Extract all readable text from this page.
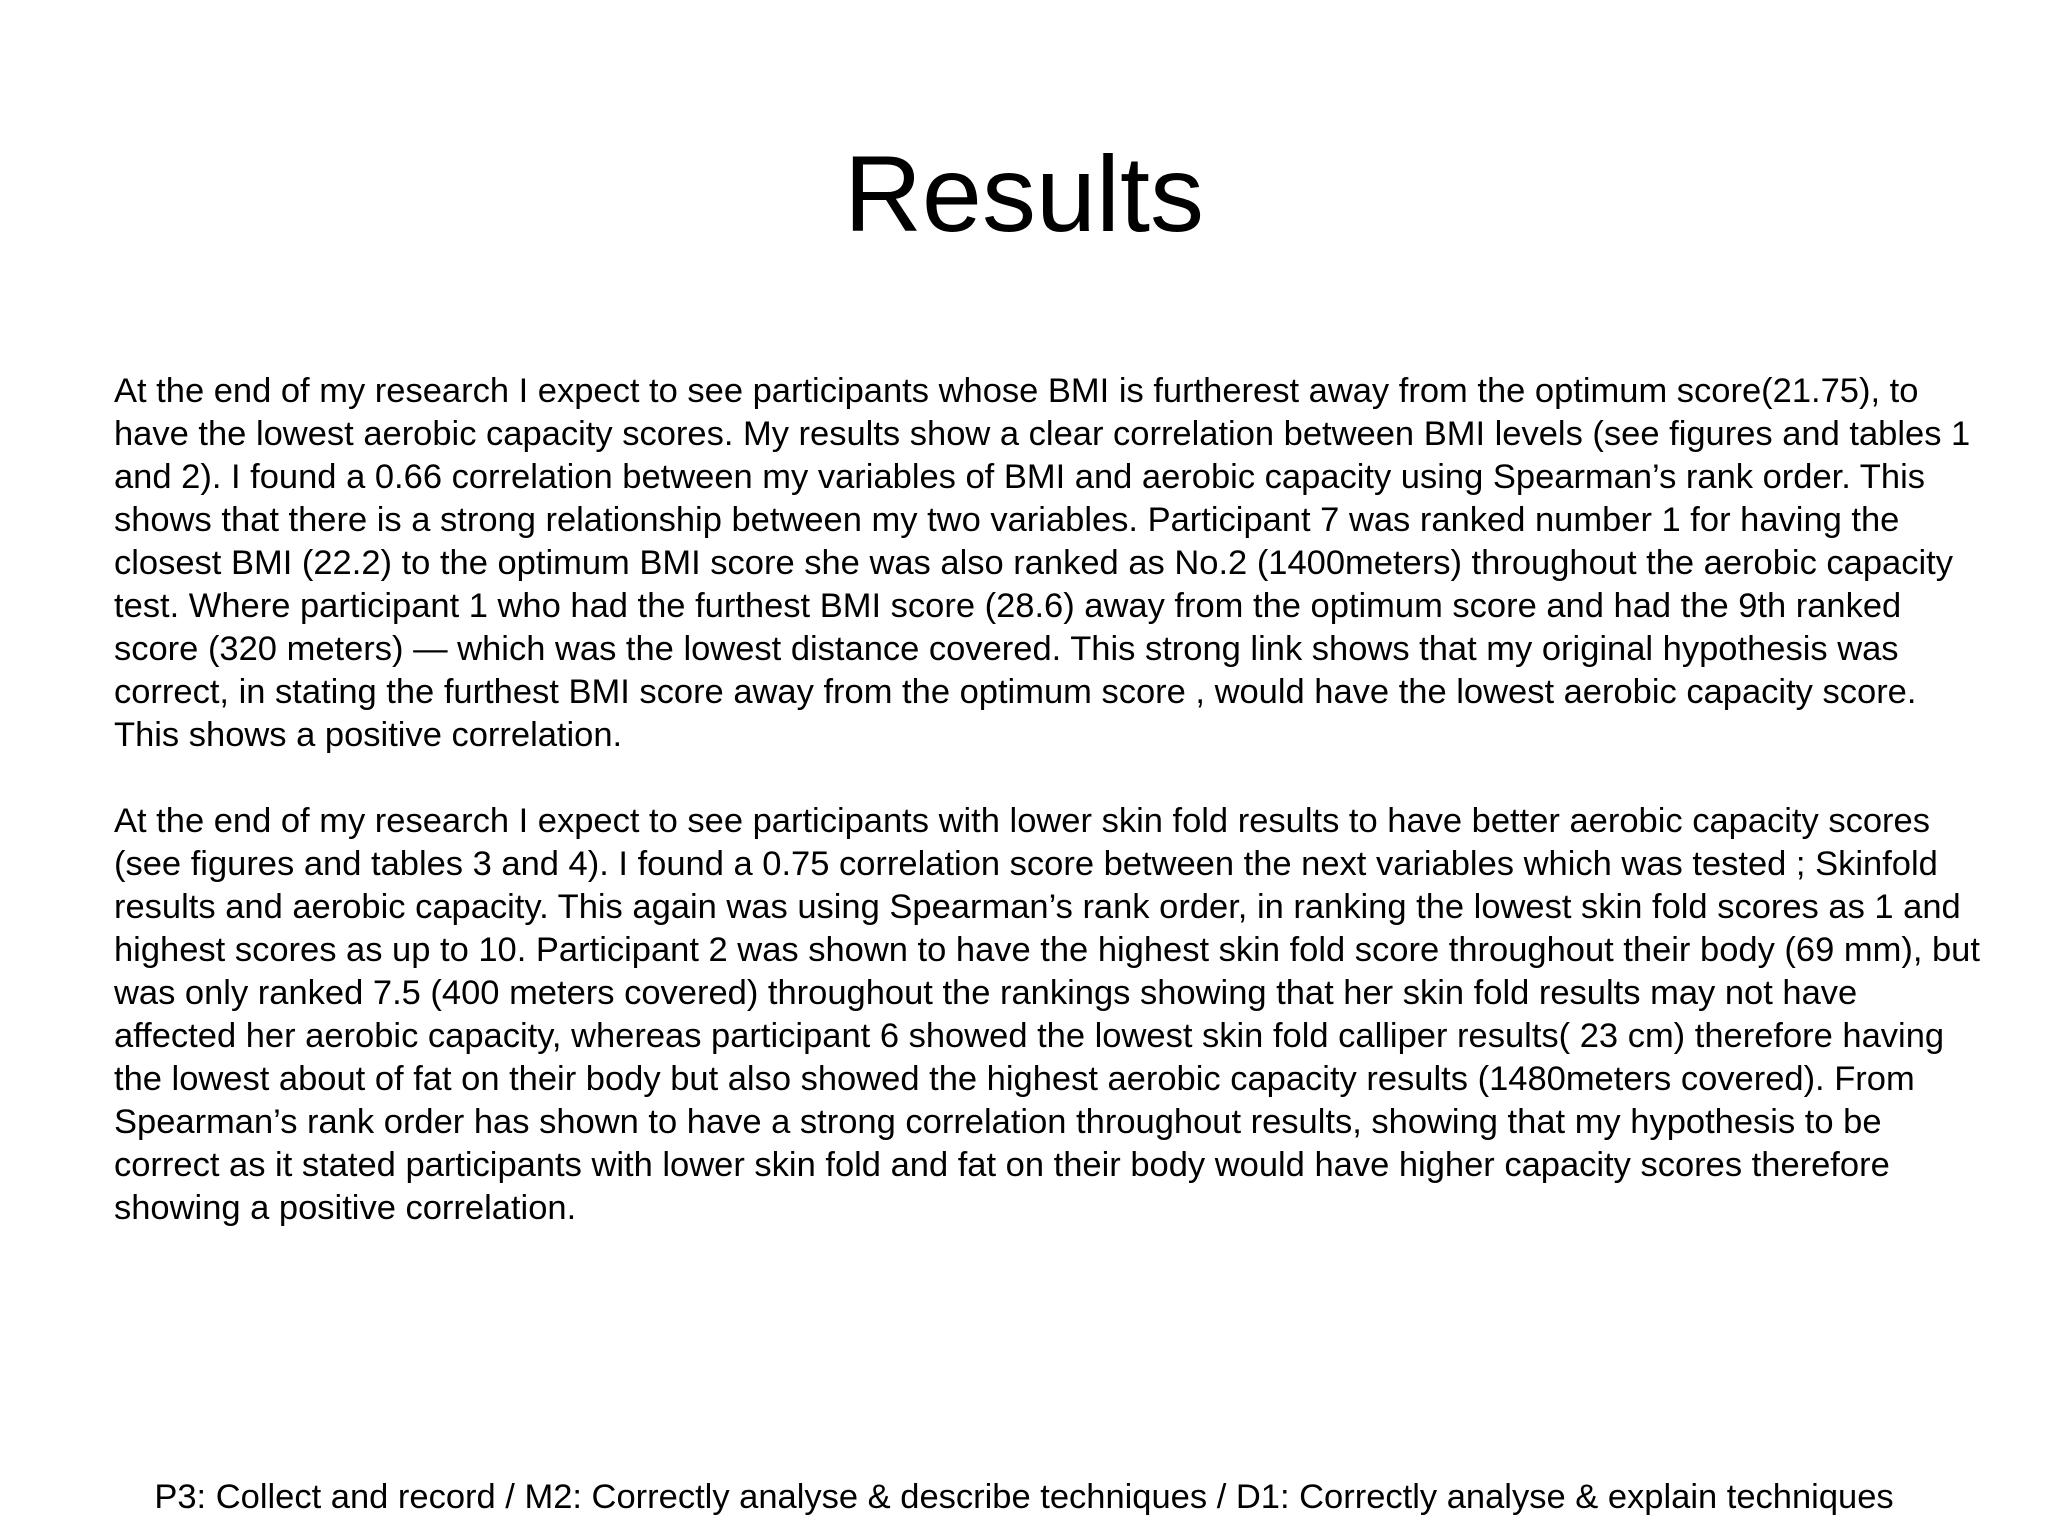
Results

At the end of my research I expect to see participants whose BMI is furtherest away from the optimum score(21.75), to have the lowest aerobic capacity scores. My results show a clear correlation between BMI levels (see figures and tables 1 and 2). I found a 0.66 correlation between my variables of BMI and aerobic capacity using Spearman’s rank order. This shows that there is a strong relationship between my two variables. Participant 7 was ranked number 1 for having the closest BMI (22.2) to the optimum BMI score she was also ranked as No.2 (1400meters) throughout the aerobic capacity test. Where participant 1 who had the furthest BMI score (28.6) away from the optimum score and had the 9th ranked score (320 meters) — which was the lowest distance covered. This strong link shows that my original hypothesis was correct, in stating the furthest BMI score away from the optimum score , would have the lowest aerobic capacity score. This shows a positive correlation.

At the end of my research I expect to see participants with lower skin fold results to have better aerobic capacity scores (see figures and tables 3 and 4). I found a 0.75 correlation score between the next variables which was tested ; Skinfold results and aerobic capacity. This again was using Spearman’s rank order, in ranking the lowest skin fold scores as 1 and highest scores as up to 10. Participant 2 was shown to have the highest skin fold score throughout their body (69 mm), but was only ranked 7.5 (400 meters covered) throughout the rankings showing that her skin fold results may not have affected her aerobic capacity, whereas participant 6 showed the lowest skin fold calliper results( 23 cm) therefore having the lowest about of fat on their body but also showed the highest aerobic capacity results (1480meters covered). From Spearman’s rank order has shown to have a strong correlation throughout results, showing that my hypothesis to be correct as it stated participants with lower skin fold and fat on their body would have higher capacity scores therefore showing a positive correlation.

P3: Collect and record / M2: Correctly analyse & describe techniques / D1: Correctly analyse & explain techniques
